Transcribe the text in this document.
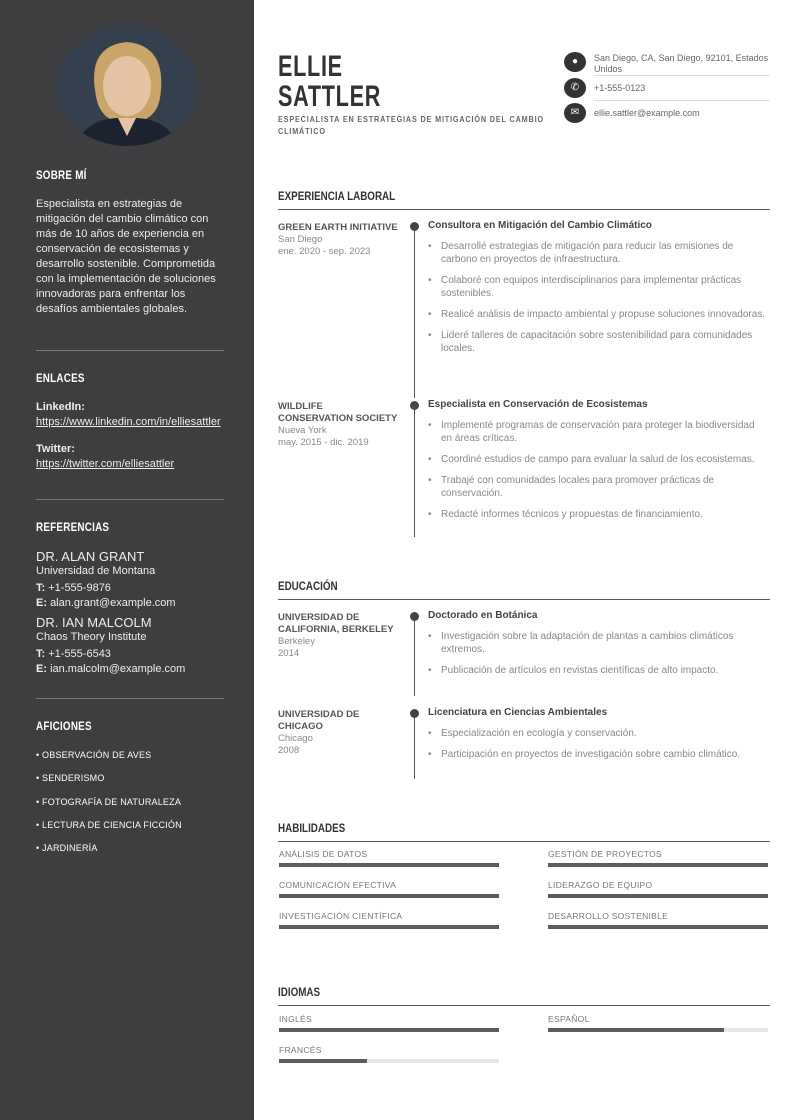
SOBRE MÍ
Especialista en estrategias de mitigación del cambio climático con más de 10 años de experiencia en conservación de ecosistemas y desarrollo sostenible. Comprometida con la implementación de soluciones innovadoras para enfrentar los desafíos ambientales globales.
ENLACES
LinkedIn:
https://www.linkedin.com/in/elliesattler
Twitter:
https://twitter.com/elliesattler
REFERENCIAS
DR. ALAN GRANT
Universidad de Montana
T: +1-555-9876
E: alan.grant@example.com
DR. IAN MALCOLM
Chaos Theory Institute
T: +1-555-6543
E: ian.malcolm@example.com
AFICIONES
• OBSERVACIÓN DE AVES
• SENDERISMO
• FOTOGRAFÍA DE NATURALEZA
• LECTURA DE CIENCIA FICCIÓN
• JARDINERÍA
ELLIE
SATTLER
ESPECIALISTA EN ESTRATEGIAS DE MITIGACIÓN DEL CAMBIO CLIMÁTICO
●	San Diego, CA, San Diego, 92101, Estados Unidos
✆	+1-555-0123
✉	ellie.sattler@example.com
EXPERIENCIA LABORAL
GREEN EARTH INITIATIVE
San Diego
ene. 2020 - sep. 2023
Consultora en Mitigación del Cambio Climático
• Desarrollé estrategias de mitigación para reducir las emisiones de carbono en proyectos de infraestructura.
• Colaboré con equipos interdisciplinarios para implementar prácticas sostenibles.
• Realicé análisis de impacto ambiental y propuse soluciones innovadoras.
• Lideré talleres de capacitación sobre sostenibilidad para comunidades locales.
WILDLIFE CONSERVATION SOCIETY
Nueva York
may. 2015 - dic. 2019
Especialista en Conservación de Ecosistemas
• Implementé programas de conservación para proteger la biodiversidad en áreas críticas.
• Coordiné estudios de campo para evaluar la salud de los ecosistemas.
• Trabajé con comunidades locales para promover prácticas de conservación.
• Redacté informes técnicos y propuestas de financiamiento.
EDUCACIÓN
UNIVERSIDAD DE CALIFORNIA, BERKELEY
Berkeley
2014
Doctorado en Botánica
• Investigación sobre la adaptación de plantas a cambios climáticos extremos.
• Publicación de artículos en revistas científicas de alto impacto.
UNIVERSIDAD DE CHICAGO
Chicago
2008
Licenciatura en Ciencias Ambientales
• Especialización en ecología y conservación.
• Participación en proyectos de investigación sobre cambio climático.
HABILIDADES
ANÁLISIS DE DATOS	GESTIÓN DE PROYECTOS
COMUNICACIÓN EFECTIVA	LIDERAZGO DE EQUIPO
INVESTIGACIÓN CIENTÍFICA	DESARROLLO SOSTENIBLE
IDIOMAS
INGLÉS	ESPAÑOL
FRANCÉS
